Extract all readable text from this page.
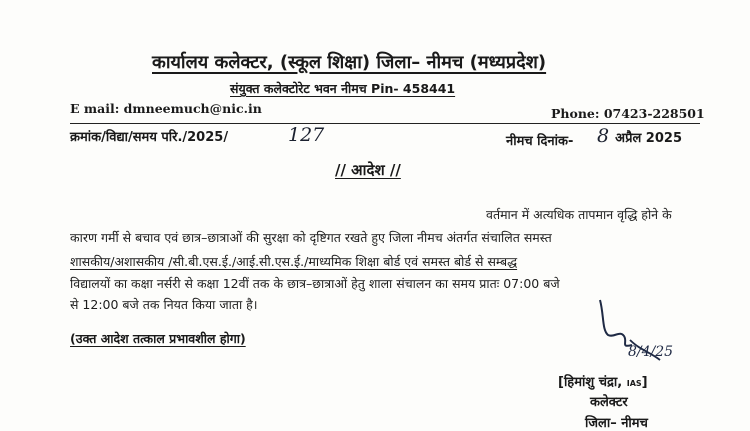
कार्यालय कलेक्टर, (स्कूल शिक्षा) जिला– नीमच (मध्यप्रदेश)
संयुक्त कलेक्टोरेट भवन नीमच Pin- 458441
E mail: dmneemuch@nic.in	Phone: 07423-228501
क्रमांक/विद्या/समय परि./2025/	127	नीमच दिनांक- 8 अप्रैल 2025
// आदेश //
वर्तमान में अत्यधिक तापमान वृद्धि होने के
कारण गर्मी से बचाव एवं छात्र–छात्राओं की सुरक्षा को दृष्टिगत रखते हुए जिला नीमच अंतर्गत संचालित समस्त
शासकीय/अशासकीय /सी.बी.एस.ई./आई.सी.एस.ई./माध्यमिक शिक्षा बोर्ड एवं समस्त बोर्ड से सम्बद्ध
विद्यालयों का कक्षा नर्सरी से कक्षा 12वीं तक के छात्र–छात्राओं हेतु शाला संचालन का समय प्रातः 07:00 बजे
से 12:00 बजे तक नियत किया जाता है।
(उक्त आदेश तत्काल प्रभावशील होगा)
8/4/25
[हिमांशु चंद्रा, IAS]
कलेक्टर
जिला– नीमच
